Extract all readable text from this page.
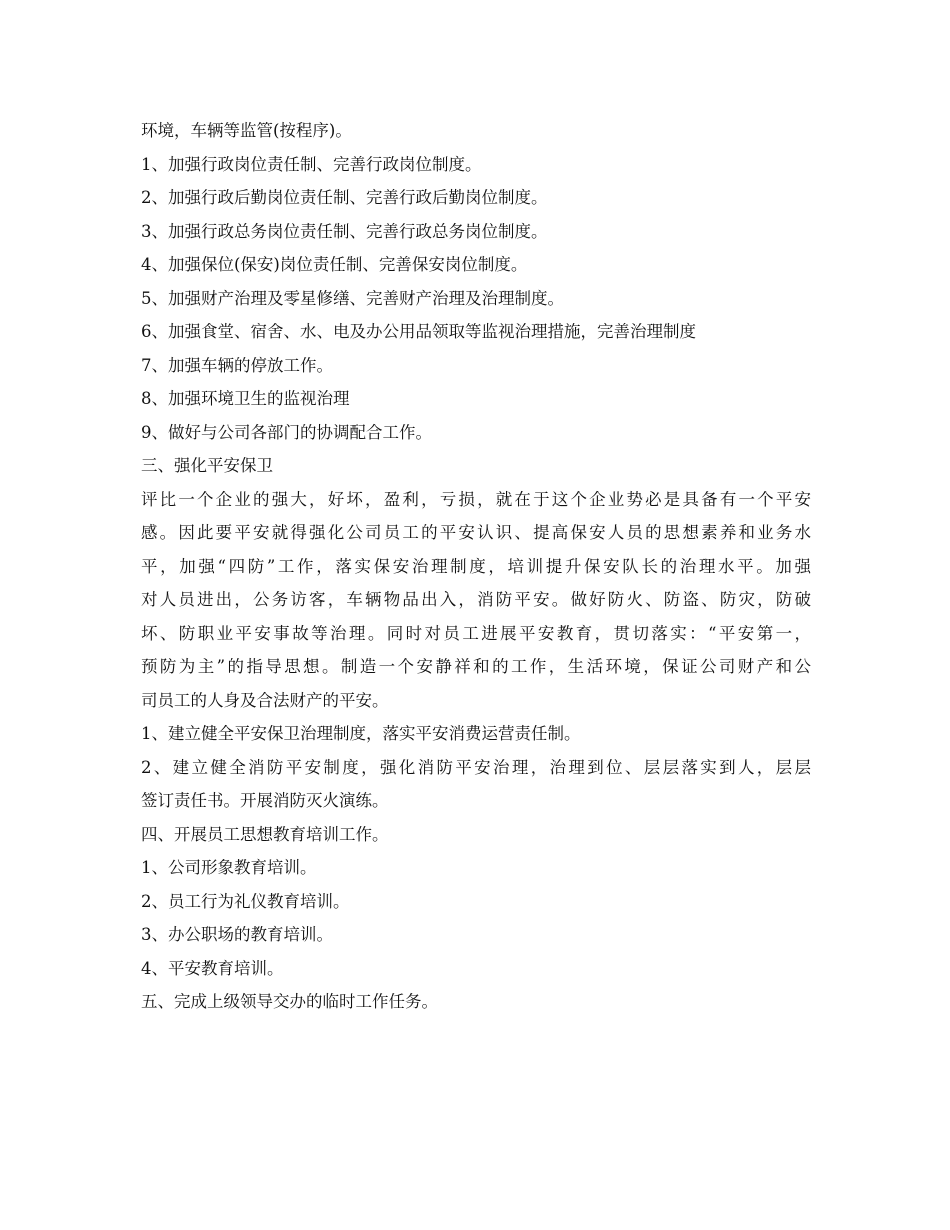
环境，车辆等监管(按程序)。
1、加强行政岗位责任制、完善行政岗位制度。
2、加强行政后勤岗位责任制、完善行政后勤岗位制度。
3、加强行政总务岗位责任制、完善行政总务岗位制度。
4、加强保位(保安)岗位责任制、完善保安岗位制度。
5、加强财产治理及零星修缮、完善财产治理及治理制度。
6、加强食堂、宿舍、水、电及办公用品领取等监视治理措施，完善治理制度
7、加强车辆的停放工作。
8、加强环境卫生的监视治理
9、做好与公司各部门的协调配合工作。
三、强化平安保卫
评比一个企业的强大，好坏，盈利，亏损，就在于这个企业势必是具备有一个平安
感。因此要平安就得强化公司员工的平安认识、提高保安人员的思想素养和业务水
平，加强“四防”工作，落实保安治理制度，培训提升保安队长的治理水平。加强
对人员进出，公务访客，车辆物品出入，消防平安。做好防火、防盗、防灾，防破
坏、防职业平安事故等治理。同时对员工进展平安教育，贯切落实：“平安第一，
预防为主”的指导思想。制造一个安静祥和的工作，生活环境，保证公司财产和公
司员工的人身及合法财产的平安。
1、建立健全平安保卫治理制度，落实平安消费运营责任制。
2、建立健全消防平安制度，强化消防平安治理，治理到位、层层落实到人，层层
签订责任书。开展消防灭火演练。
四、开展员工思想教育培训工作。
1、公司形象教育培训。
2、员工行为礼仪教育培训。
3、办公职场的教育培训。
4、平安教育培训。
五、完成上级领导交办的临时工作任务。
